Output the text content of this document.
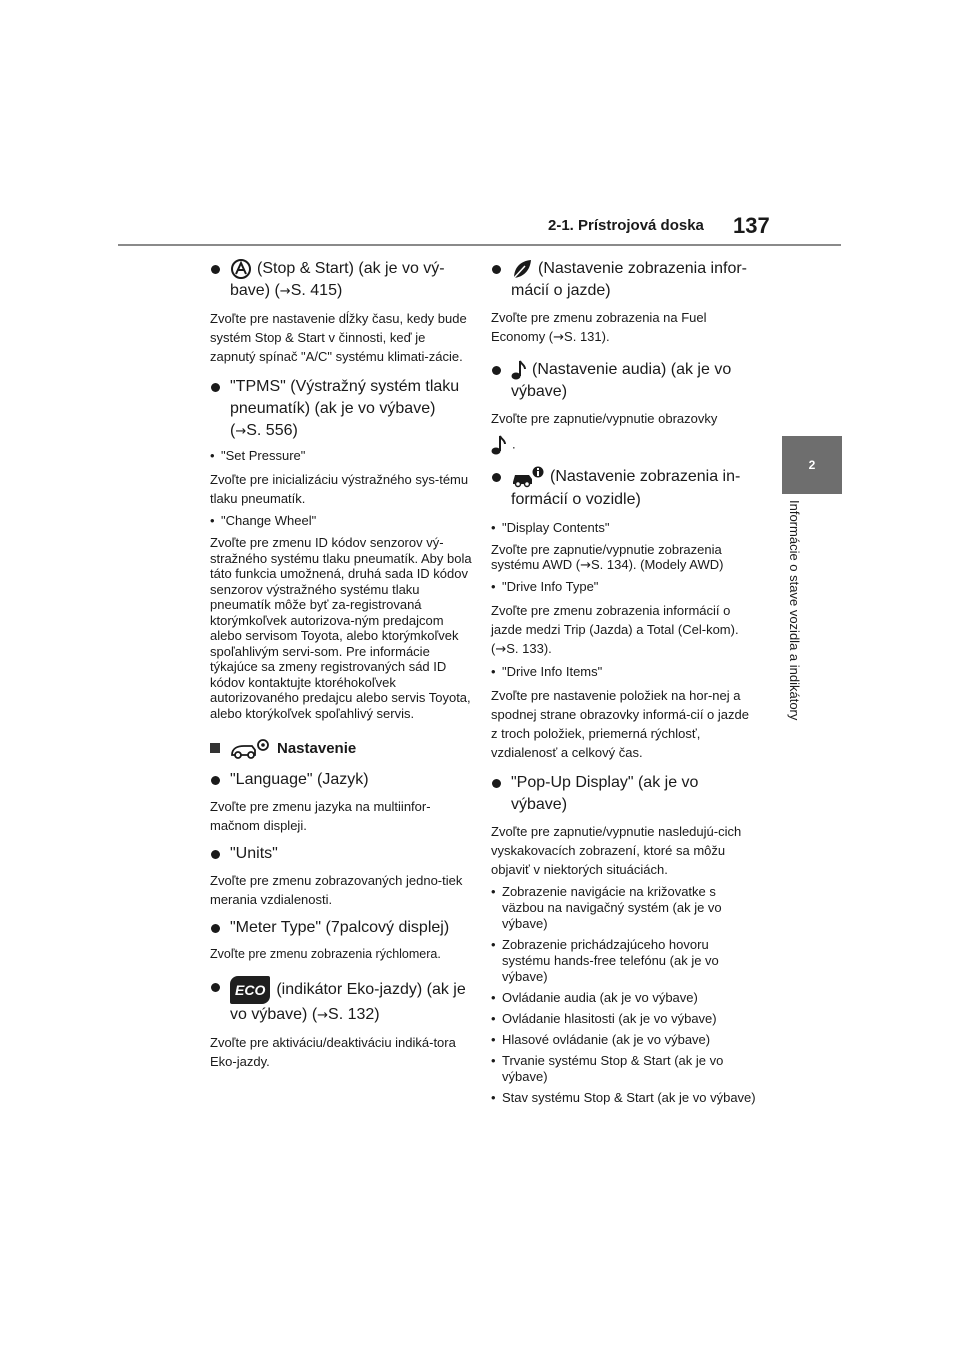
2-1. Prístrojová doska 137
2
Informácie o stave vozidla a indikátory
(Stop & Start) (ak je vo vý-
bave) (→S. 415)
Zvoľte pre nastavenie dĺžky času, kedy bude systém Stop & Start v činnosti, keď je zapnutý spínač "A/C" systému klimati-zácie.
"TPMS" (Výstražný systém tlaku
pneumatík) (ak je vo výbave)
(→S. 556)
• "Set Pressure"
Zvoľte pre inicializáciu výstražného sys-tému tlaku pneumatík.
• "Change Wheel"
Zvoľte pre zmenu ID kódov senzorov vý-stražného systému tlaku pneumatík. Aby bola táto funkcia umožnená, druhá sada ID kódov senzorov výstražného systému tlaku pneumatík môže byť za-registrovaná ktorýmkoľvek autorizova-ným predajcom alebo servisom Toyota, alebo ktorýmkoľvek spoľahlivým servi-som. Pre informácie týkajúce sa zmeny registrovaných sád ID kódov kontaktujte ktoréhokoľvek autorizovaného predajcu alebo servis Toyota, alebo ktorýkoľvek spoľahlivý servis.
Nastavenie
"Language" (Jazyk)
Zvoľte pre zmenu jazyka na multiinfor-mačnom displeji.
"Units"
Zvoľte pre zmenu zobrazovaných jedno-tiek merania vzdialenosti.
"Meter Type" (7palcový displej)
Zvoľte pre zmenu zobrazenia rýchlomera.
ECO (indikátor Eko-jazdy) (ak je
vo výbave) (→S. 132)
Zvoľte pre aktiváciu/deaktiváciu indiká-tora Eko-jazdy.
(Nastavenie zobrazenia infor-mácií o jazde)
Zvoľte pre zmenu zobrazenia na Fuel Economy (→S. 131).
(Nastavenie audia) (ak je vo výbave)
Zvoľte pre zapnutie/vypnutie obrazovky
.
(Nastavenie zobrazenia in-formácií o vozidle)
• "Display Contents"
Zvoľte pre zapnutie/vypnutie zobrazenia systému AWD (→S. 134). (Modely AWD)
• "Drive Info Type"
Zvoľte pre zmenu zobrazenia informácií o jazde medzi Trip (Jazda) a Total (Cel-kom). (→S. 133).
• "Drive Info Items"
Zvoľte pre nastavenie položiek na hor-nej a spodnej strane obrazovky informá-cií o jazde z troch položiek, priemerná rýchlosť, vzdialenosť a celkový čas.
"Pop-Up Display" (ak je vo výbave)
Zvoľte pre zapnutie/vypnutie nasledujú-cich vyskakovacích zobrazení, ktoré sa môžu objaviť v niektorých situáciách.
• Zobrazenie navigácie na križovatke s väzbou na navigačný systém (ak je vo výbave)
• Zobrazenie prichádzajúceho hovoru systému hands-free telefónu (ak je vo výbave)
• Ovládanie audia (ak je vo výbave)
• Ovládanie hlasitosti (ak je vo výbave)
• Hlasové ovládanie (ak je vo výbave)
• Trvanie systému Stop & Start (ak je vo výbave)
• Stav systému Stop & Start (ak je vo výbave)
